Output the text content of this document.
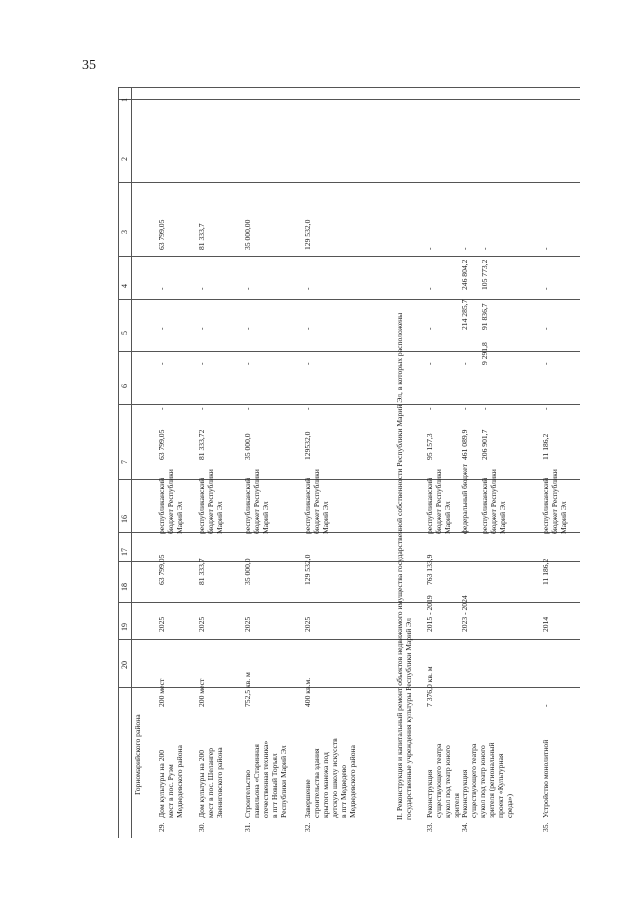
35
1
2
3
4
5
6
7
16
17
18
19
20
Горномарийского района
29.
Дом культуры на 200 мест в пос. Руэм Медведевского района
200 мест
2025
63 799,05
республиканский бюджет Республики Марий Эл
63 799,05
-
-
-
-
63 799,05
30.
Дом культуры на 200 мест в пос. Шелангер Звениговского района
200 мест
2025
81 333,7
республиканский бюджет Республики Марий Эл
81 333,72
-
-
-
-
81 333,7
31.
Строительство павильона «Старинная отечественная техника» в пгт Новый Торъял Республики Марий Эл
752,5 кв. м
2025
35 000,0
республиканский бюджет Республики Марий Эл
35 000,0
-
-
-
-
35 000,00
32.
Завершение строительства здания крытого манежа под детскую школу искусств в пгт Медведево Медведевского района
400 кв.м.
2025
129 532,0
республиканский бюджет Республики Марий Эл
129532,0
-
-
-
-
129 532,0
33.
Реконструкция существующего театра кукол под театр юного зрителя
7 376,0 кв. м
2015 - 2019
763 133,9
республиканский бюджет Республики Марий Эл
95 157,3
-
-
-
-
-
34.
Реконструкция существующего театра кукол под театр юного зрителя (региональный проект «Культурная среда»)
2023 - 2024
федеральный бюджет
461 089,9
-
-
214 285,7
246 804,2
-
республиканский бюджет Республики Марий Эл
206 901,7
-
9 291,8
91 836,7
105 773,2
-
35.
Устройство монолитной
-
2014
11 186,2
республиканский бюджет Республики Марий Эл
11 186,2
-
-
-
-
-
II. Реконструкция и капитальный ремонт объектов недвижимого имущества государственной собственности Республики Марий Эл, в которых расположены государственные учреждения культуры Республики Марий Эл
